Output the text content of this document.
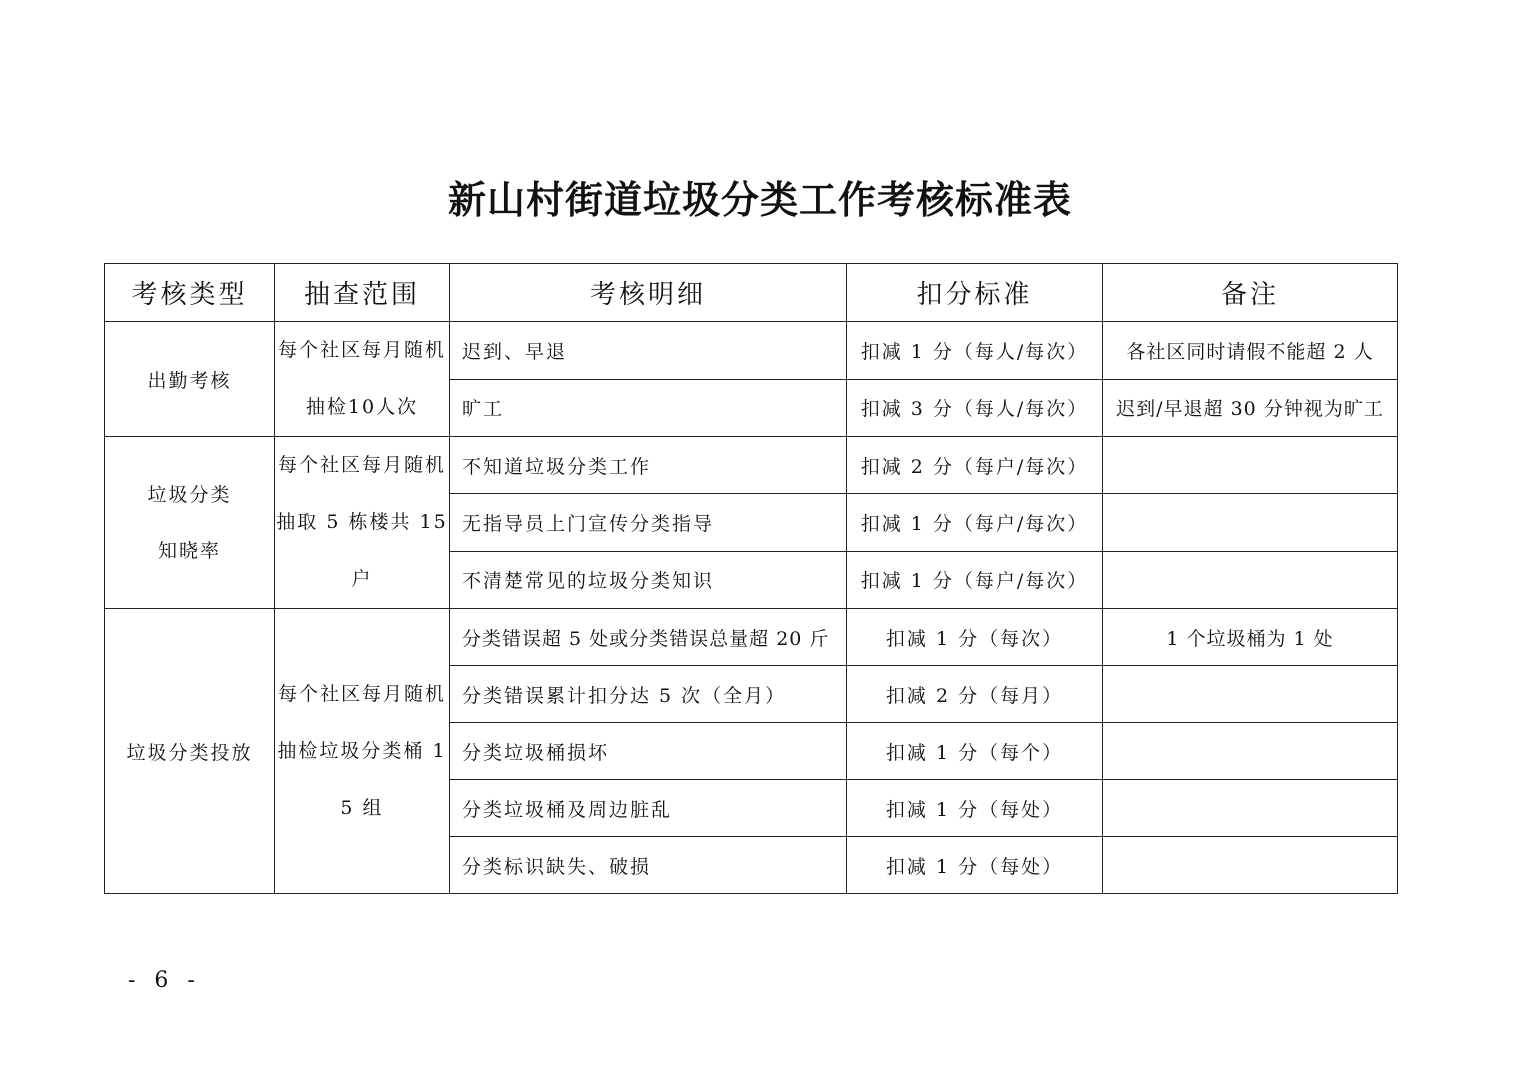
新山村街道垃圾分类工作考核标准表
考核类型	抽查范围	考核明细	扣分标准	备注
出勤考核	每个社区每月随机抽检10人次	迟到、早退	扣减 1 分（每人/每次）	各社区同时请假不能超 2 人
		旷工	扣减 3 分（每人/每次）	迟到/早退超 30 分钟视为旷工

垃圾分类
知晓率	每个社区每月随机抽取 5 栋楼共 15 户	不知道垃圾分类工作	扣减 2 分（每户/每次）	
		无指导员上门宣传分类指导	扣减 1 分（每户/每次）	
		不清楚常见的垃圾分类知识	扣减 1 分（每户/每次）	
垃圾分类投放	每个社区每月随机抽检垃圾分类桶 15 组	分类错误超 5 处或分类错误总量超 20 斤	扣减 1 分（每次）	1 个垃圾桶为 1 处
		分类错误累计扣分达 5 次（全月）	扣减 2 分（每月）	
		分类垃圾桶损坏	扣减 1 分（每个）	
		分类垃圾桶及周边脏乱	扣减 1 分（每处）	
		分类标识缺失、破损	扣减 1 分（每处）	
- 6 -
